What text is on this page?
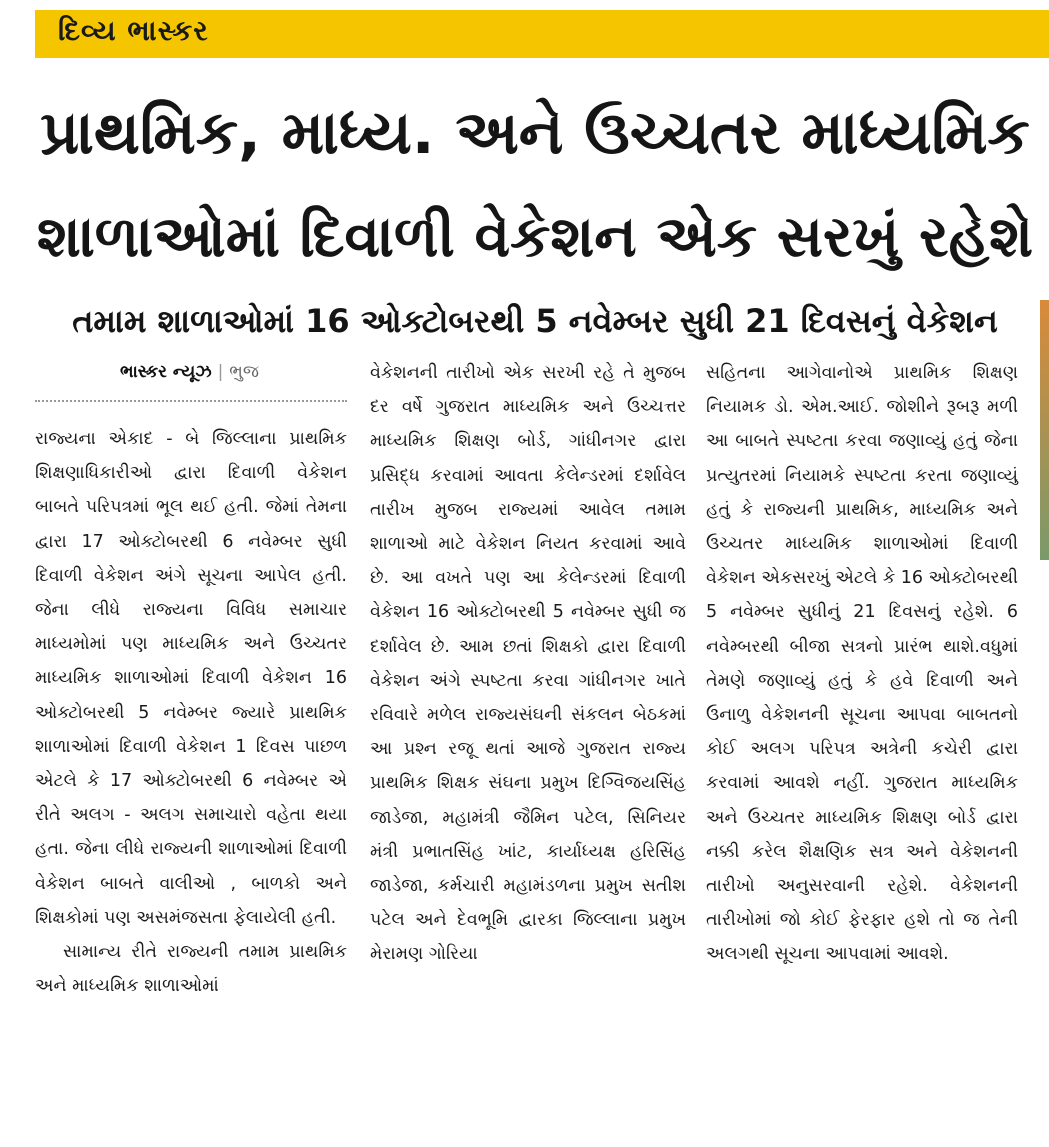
દિવ્ય ભાસ્કર
પ્રાથમિક, માધ્ય. અને ઉચ્ચતર માધ્યમિક
શાળાઓમાં દિવાળી વેકેશન એક સરખું રહેશે
તમામ શાળાઓમાં 16 ઓક્ટોબરથી 5 નવેમ્બર સુધી 21 દિવસનું વેકેશન
ભાસ્કર ન્યૂઝ | ભુજ

રાજ્યના એકાદ - બે જિલ્લાના પ્રાથમિક શિક્ષણાધિકારીઓ દ્વારા દિવાળી વેકેશન બાબતે પરિપત્રમાં ભૂલ થઈ હતી. જેમાં તેમના દ્વારા 17 ઓક્ટોબરથી 6 નવેમ્બર સુધી દિવાળી વેકેશન અંગે સૂચના આપેલ હતી. જેના લીધે રાજ્યના વિવિધ સમાચાર માધ્યમોમાં પણ માધ્યમિક અને ઉચ્ચતર માધ્યમિક શાળાઓમાં દિવાળી વેકેશન 16 ઓક્ટોબરથી 5 નવેમ્બર જ્યારે પ્રાથમિક શાળાઓમાં દિવાળી વેકેશન 1 દિવસ પાછળ એટલે કે 17 ઓક્ટોબરથી 6 નવેમ્બર એ રીતે અલગ - અલગ સમાચારો વહેતા થયા હતા. જેના લીધે રાજ્યની શાળાઓમાં દિવાળી વેકેશન બાબતે વાલીઓ , બાળકો અને શિક્ષકોમાં પણ અસમંજસતા ફેલાયેલી હતી.

સામાન્ય રીતે રાજ્યની તમામ પ્રાથમિક અને માધ્યમિક શાળાઓમાં

વેકેશનની તારીખો એક સરખી રહે તે મુજબ દર વર્ષે ગુજરાત માધ્યમિક અને ઉચ્ચત્તર માધ્યમિક શિક્ષણ બોર્ડ, ગાંધીનગર દ્વારા પ્રસિદ્ધ કરવામાં આવતા કેલેન્ડરમાં દર્શાવેલ તારીખ મુજબ રાજ્યમાં આવેલ તમામ શાળાઓ માટે વેકેશન નિયત કરવામાં આવે છે. આ વખતે પણ આ કેલેન્ડરમાં દિવાળી વેકેશન 16 ઓક્ટોબરથી 5 નવેમ્બર સુધી જ દર્શાવેલ છે. આમ છતાં શિક્ષકો દ્વારા દિવાળી વેકેશન અંગે સ્પષ્ટતા કરવા ગાંધીનગર ખાતે રવિવારે મળેલ રાજ્યસંઘની સંકલન બેઠકમાં આ પ્રશ્ન રજૂ થતાં આજે ગુજરાત રાજ્ય પ્રાથમિક શિક્ષક સંઘના પ્રમુખ દિગ્વિજયસિંહ જાડેજા, મહામંત્રી જૈમિન પટેલ, સિનિયર મંત્રી પ્રભાતસિંહ ખાંટ, કાર્યાધ્યક્ષ હરિસિંહ જાડેજા, કર્મચારી મહામંડળના પ્રમુખ સતીશ પટેલ અને દેવભૂમિ દ્વારકા જિલ્લાના પ્રમુખ મેરામણ ગોરિયા

સહિતના આગેવાનોએ પ્રાથમિક શિક્ષણ નિયામક ડો. એમ.આઈ. જોશીને રૂબરૂ મળી આ બાબતે સ્પષ્ટતા કરવા જણાવ્યું હતું જેના પ્રત્યુતરમાં નિયામકે સ્પષ્ટતા કરતા જણાવ્યું હતું કે રાજ્યની પ્રાથમિક, માધ્યમિક અને ઉચ્ચતર માધ્યમિક શાળાઓમાં દિવાળી વેકેશન એકસરખું એટલે કે 16 ઓક્ટોબરથી 5 નવેમ્બર સુધીનું 21 દિવસનું રહેશે. 6 નવેમ્બરથી બીજા સત્રનો પ્રારંભ થાશે.વધુમાં તેમણે જણાવ્યું હતું કે હવે દિવાળી અને ઉનાળુ વેકેશનની સૂચના આપવા બાબતનો કોઈ અલગ પરિપત્ર અત્રેની કચેરી દ્વારા કરવામાં આવશે નહીં. ગુજરાત માધ્યમિક અને ઉચ્ચતર માધ્યમિક શિક્ષણ બોર્ડ દ્વારા નક્કી કરેલ શૈક્ષણિક સત્ર અને વેકેશનની તારીખો અનુસરવાની રહેશે. વેકેશનની તારીખોમાં જો કોઈ ફેરફાર હશે તો જ તેની અલગથી સૂચના આપવામાં આવશે.
